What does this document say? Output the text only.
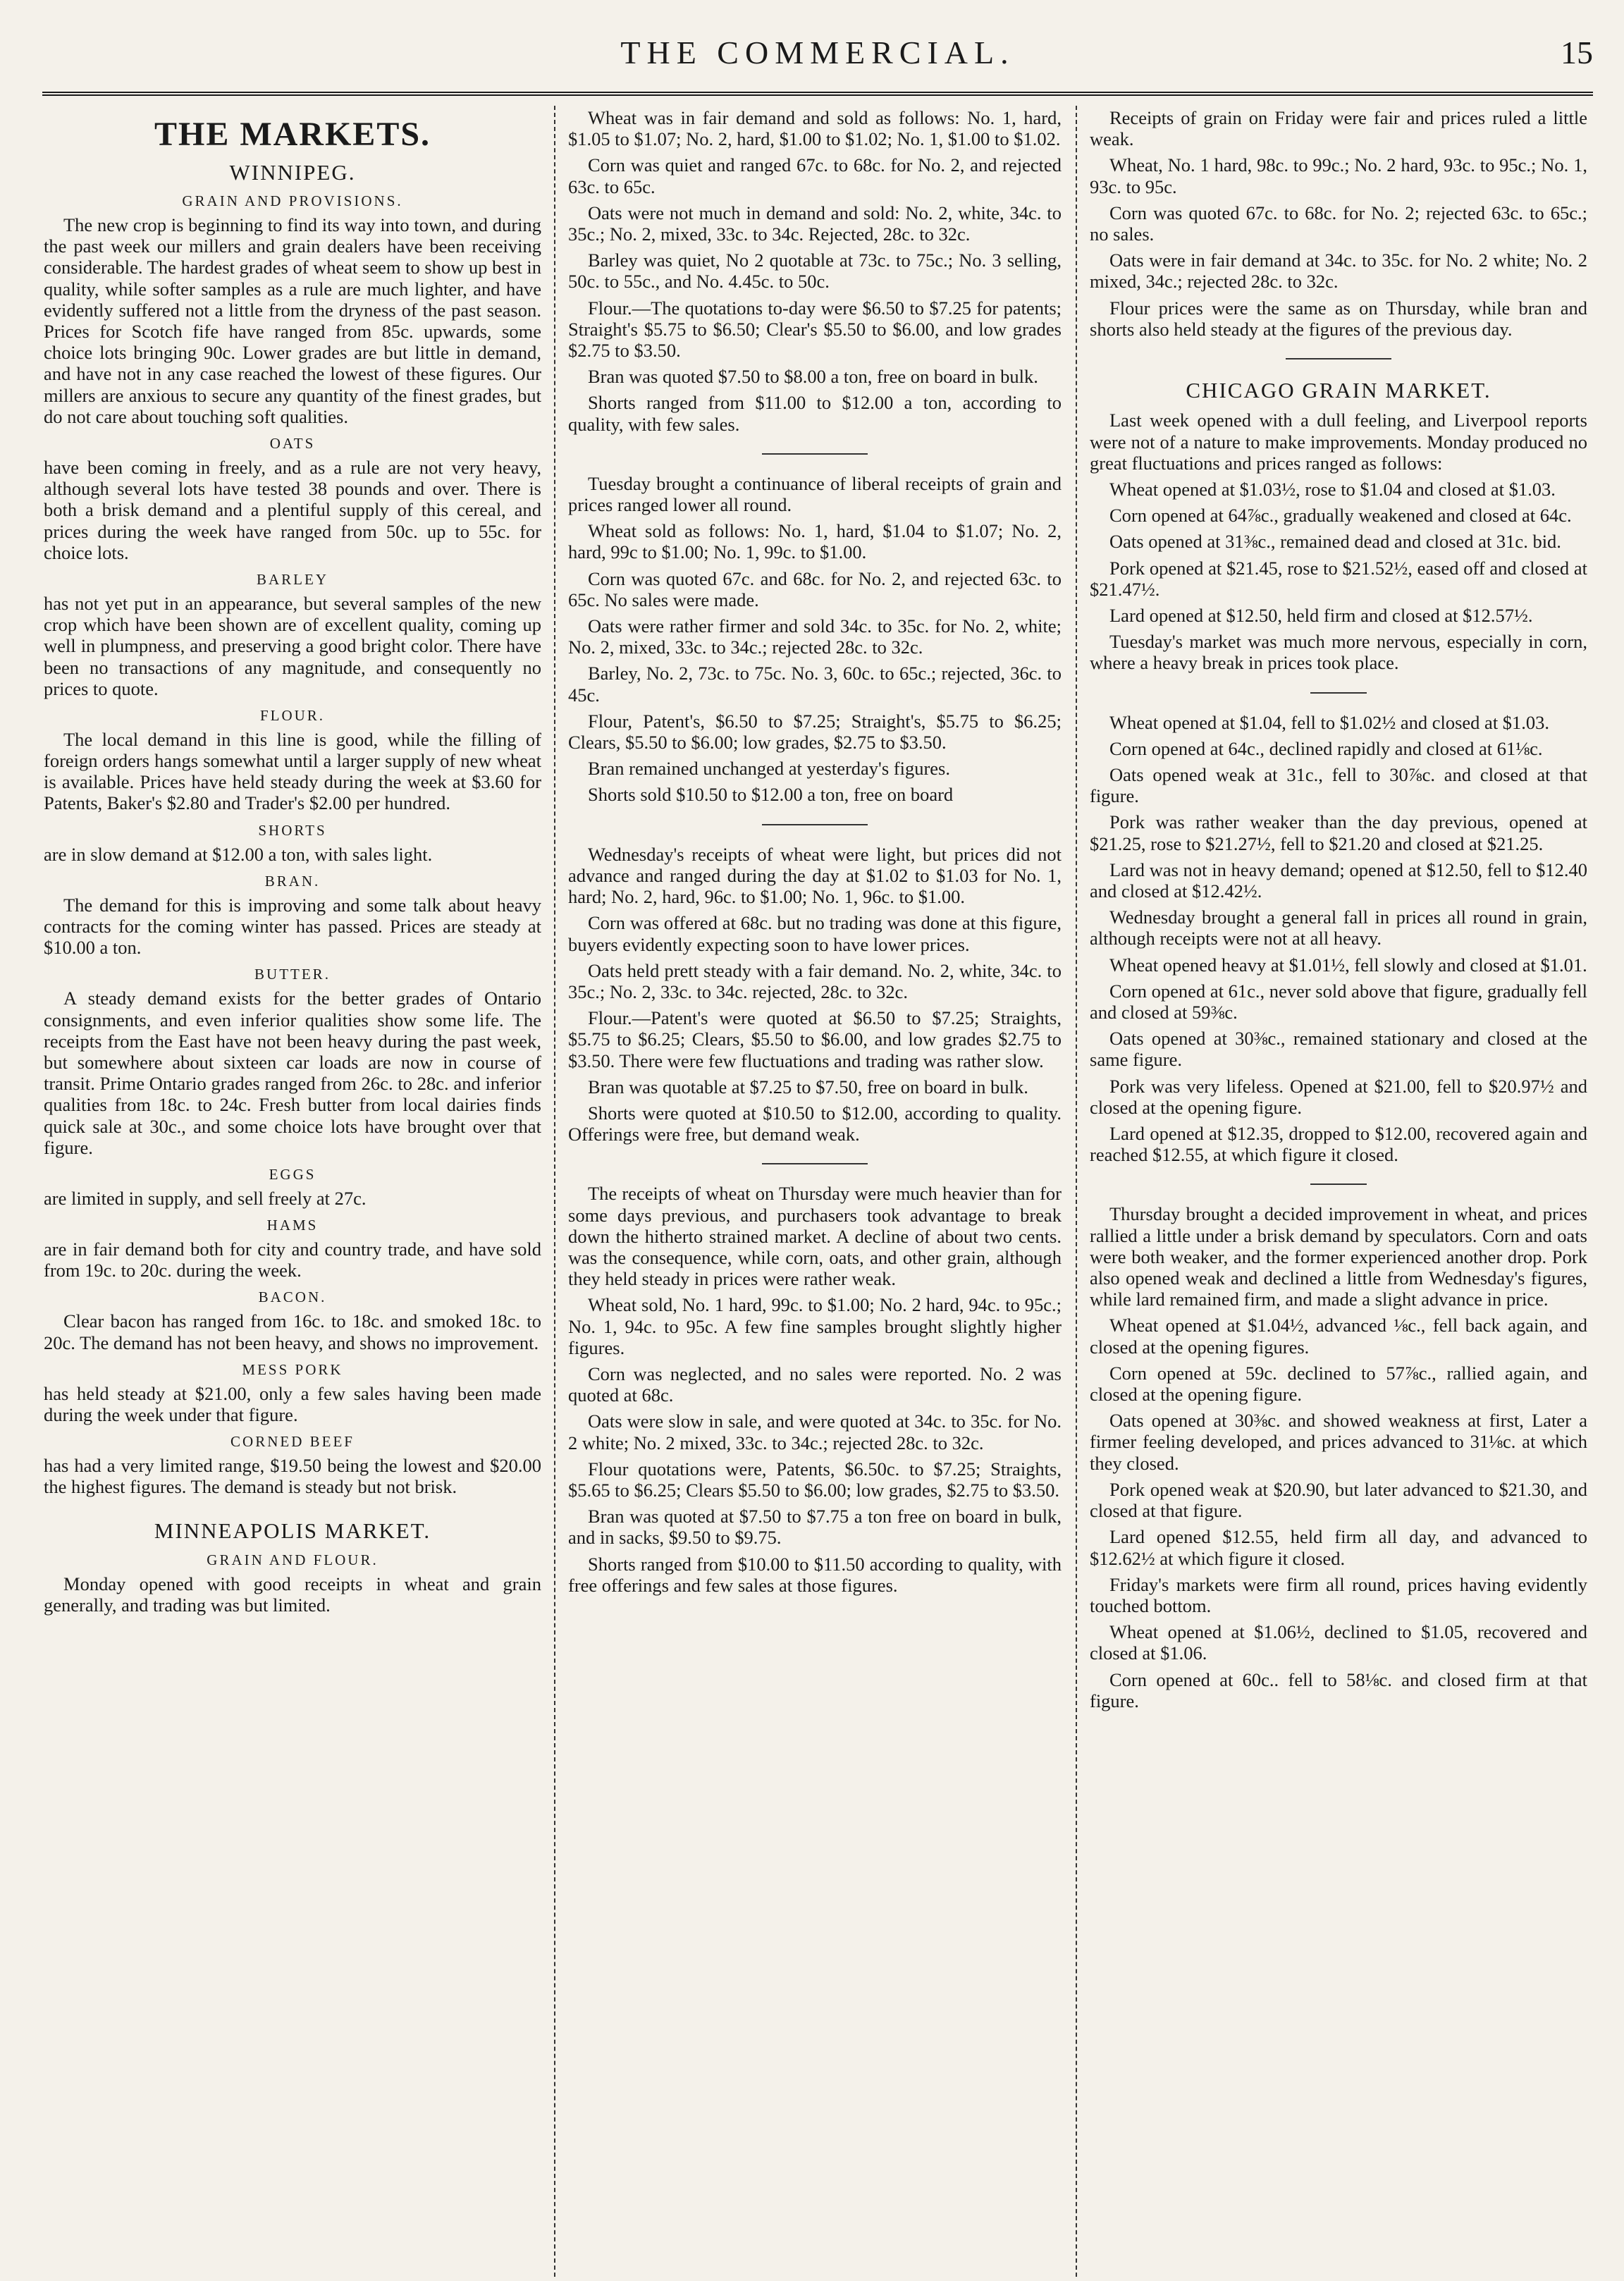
THE COMMERCIAL.	15
THE MARKETS.
WINNIPEG.
GRAIN AND PROVISIONS.

The new crop is beginning to find its way into town, and during the past week our millers and grain dealers have been receiving considerable. The hardest grades of wheat seem to show up best in quality, while softer samples as a rule are much lighter, and have evidently suffered not a little from the dryness of the past season. Prices for Scotch fife have ranged from 85c. upwards, some choice lots bringing 90c. Lower grades are but little in demand, and have not in any case reached the lowest of these figures. Our millers are anxious to secure any quantity of the finest grades, but do not care about touching soft qualities.

OATS

have been coming in freely, and as a rule are not very heavy, although several lots have tested 38 pounds and over. There is both a brisk demand and a plentiful supply of this cereal, and prices during the week have ranged from 50c. up to 55c. for choice lots.

BARLEY

has not yet put in an appearance, but several samples of the new crop which have been shown are of excellent quality, coming up well in plumpness, and preserving a good bright color. There have been no transactions of any magnitude, and consequently no prices to quote.

FLOUR.

The local demand in this line is good, while the filling of foreign orders hangs somewhat until a larger supply of new wheat is available. Prices have held steady during the week at $3.60 for Patents, Baker's $2.80 and Trader's $2.00 per hundred.

SHORTS

are in slow demand at $12.00 a ton, with sales light.

BRAN.

The demand for this is improving and some talk about heavy contracts for the coming winter has passed. Prices are steady at $10.00 a ton.

BUTTER.

A steady demand exists for the better grades of Ontario consignments, and even inferior qualities show some life. The receipts from the East have not been heavy during the past week, but somewhere about sixteen car loads are now in course of transit. Prime Ontario grades ranged from 26c. to 28c. and inferior qualities from 18c. to 24c. Fresh butter from local dairies finds quick sale at 30c., and some choice lots have brought over that figure.

EGGS

are limited in supply, and sell freely at 27c.

HAMS

are in fair demand both for city and country trade, and have sold from 19c. to 20c. during the week.

BACON.

Clear bacon has ranged from 16c. to 18c. and smoked 18c. to 20c. The demand has not been heavy, and shows no improvement.

MESS PORK

has held steady at $21.00, only a few sales having been made during the week under that figure.

CORNED BEEF

has had a very limited range, $19.50 being the lowest and $20.00 the highest figures. The demand is steady but not brisk.

MINNEAPOLIS MARKET.
GRAIN AND FLOUR.

Monday opened with good receipts in wheat and grain generally, and trading was but limited.

Wheat was in fair demand and sold as follows: No. 1, hard, $1.05 to $1.07; No. 2, hard, $1.00 to $1.02; No. 1, $1.00 to $1.02.

Corn was quiet and ranged 67c. to 68c. for No. 2, and rejected 63c. to 65c.

Oats were not much in demand and sold: No. 2, white, 34c. to 35c.; No. 2, mixed, 33c. to 34c. Rejected, 28c. to 32c.

Barley was quiet, No 2 quotable at 73c. to 75c.; No. 3 selling, 50c. to 55c., and No. 4.45c. to 50c.

Flour.—The quotations to-day were $6.50 to $7.25 for patents; Straight's $5.75 to $6.50; Clear's $5.50 to $6.00, and low grades $2.75 to $3.50.

Bran was quoted $7.50 to $8.00 a ton, free on board in bulk.

Shorts ranged from $11.00 to $12.00 a ton, according to quality, with few sales.

Tuesday brought a continuance of liberal receipts of grain and prices ranged lower all round.

Wheat sold as follows: No. 1, hard, $1.04 to $1.07; No. 2, hard, 99c to $1.00; No. 1, 99c. to $1.00.

Corn was quoted 67c. and 68c. for No. 2, and rejected 63c. to 65c. No sales were made.

Oats were rather firmer and sold 34c. to 35c. for No. 2, white; No. 2, mixed, 33c. to 34c.; rejected 28c. to 32c.

Barley, No. 2, 73c. to 75c. No. 3, 60c. to 65c.; rejected, 36c. to 45c.

Flour, Patent's, $6.50 to $7.25; Straight's, $5.75 to $6.25; Clears, $5.50 to $6.00; low grades, $2.75 to $3.50.

Bran remained unchanged at yesterday's figures.

Shorts sold $10.50 to $12.00 a ton, free on board

Wednesday's receipts of wheat were light, but prices did not advance and ranged during the day at $1.02 to $1.03 for No. 1, hard; No. 2, hard, 96c. to $1.00; No. 1, 96c. to $1.00.

Corn was offered at 68c. but no trading was done at this figure, buyers evidently expecting soon to have lower prices.

Oats held prett steady with a fair demand. No. 2, white, 34c. to 35c.; No. 2, 33c. to 34c. rejected, 28c. to 32c.

Flour.—Patent's were quoted at $6.50 to $7.25; Straights, $5.75 to $6.25; Clears, $5.50 to $6.00, and low grades $2.75 to $3.50. There were few fluctuations and trading was rather slow.

Bran was quotable at $7.25 to $7.50, free on board in bulk.

Shorts were quoted at $10.50 to $12.00, according to quality. Offerings were free, but demand weak.

The receipts of wheat on Thursday were much heavier than for some days previous, and purchasers took advantage to break down the hitherto strained market. A decline of about two cents. was the consequence, while corn, oats, and other grain, although they held steady in prices were rather weak.

Wheat sold, No. 1 hard, 99c. to $1.00; No. 2 hard, 94c. to 95c.; No. 1, 94c. to 95c. A few fine samples brought slightly higher figures.

Corn was neglected, and no sales were reported. No. 2 was quoted at 68c.

Oats were slow in sale, and were quoted at 34c. to 35c. for No. 2 white; No. 2 mixed, 33c. to 34c.; rejected 28c. to 32c.

Flour quotations were, Patents, $6.50c. to $7.25; Straights, $5.65 to $6.25; Clears $5.50 to $6.00; low grades, $2.75 to $3.50.

Bran was quoted at $7.50 to $7.75 a ton free on board in bulk, and in sacks, $9.50 to $9.75.

Shorts ranged from $10.00 to $11.50 according to quality, with free offerings and few sales at those figures.

Receipts of grain on Friday were fair and prices ruled a little weak.

Wheat, No. 1 hard, 98c. to 99c.; No. 2 hard, 93c. to 95c.; No. 1, 93c. to 95c.

Corn was quoted 67c. to 68c. for No. 2; rejected 63c. to 65c.; no sales.

Oats were in fair demand at 34c. to 35c. for No. 2 white; No. 2 mixed, 34c.; rejected 28c. to 32c.

Flour prices were the same as on Thursday, while bran and shorts also held steady at the figures of the previous day.

CHICAGO GRAIN MARKET.

Last week opened with a dull feeling, and Liverpool reports were not of a nature to make improvements. Monday produced no great fluctuations and prices ranged as follows:

Wheat opened at $1.03½, rose to $1.04 and closed at $1.03.

Corn opened at 64⅞c., gradually weakened and closed at 64c.

Oats opened at 31⅜c., remained dead and closed at 31c. bid.

Pork opened at $21.45, rose to $21.52½, eased off and closed at $21.47½.

Lard opened at $12.50, held firm and closed at $12.57½.

Tuesday's market was much more nervous, especially in corn, where a heavy break in prices took place.

Wheat opened at $1.04, fell to $1.02½ and closed at $1.03.

Corn opened at 64c., declined rapidly and closed at 61⅛c.

Oats opened weak at 31c., fell to 30⅞c. and closed at that figure.

Pork was rather weaker than the day previous, opened at $21.25, rose to $21.27½, fell to $21.20 and closed at $21.25.

Lard was not in heavy demand; opened at $12.50, fell to $12.40 and closed at $12.42½.

Wednesday brought a general fall in prices all round in grain, although receipts were not at all heavy.

Wheat opened heavy at $1.01½, fell slowly and closed at $1.01.

Corn opened at 61c., never sold above that figure, gradually fell and closed at 59⅜c.

Oats opened at 30⅜c., remained stationary and closed at the same figure.

Pork was very lifeless. Opened at $21.00, fell to $20.97½ and closed at the opening figure.

Lard opened at $12.35, dropped to $12.00, recovered again and reached $12.55, at which figure it closed.

Thursday brought a decided improvement in wheat, and prices rallied a little under a brisk demand by speculators. Corn and oats were both weaker, and the former experienced another drop. Pork also opened weak and declined a little from Wednesday's figures, while lard remained firm, and made a slight advance in price.

Wheat opened at $1.04½, advanced ⅛c., fell back again, and closed at the opening figures.

Corn opened at 59c. declined to 57⅞c., rallied again, and closed at the opening figure.

Oats opened at 30⅜c. and showed weakness at first, Later a firmer feeling developed, and prices advanced to 31⅛c. at which they closed.

Pork opened weak at $20.90, but later advanced to $21.30, and closed at that figure.

Lard opened $12.55, held firm all day, and advanced to $12.62½ at which figure it closed.

Friday's markets were firm all round, prices having evidently touched bottom.

Wheat opened at $1.06½, declined to $1.05, recovered and closed at $1.06.

Corn opened at 60c.. fell to 58⅛c. and closed firm at that figure.
